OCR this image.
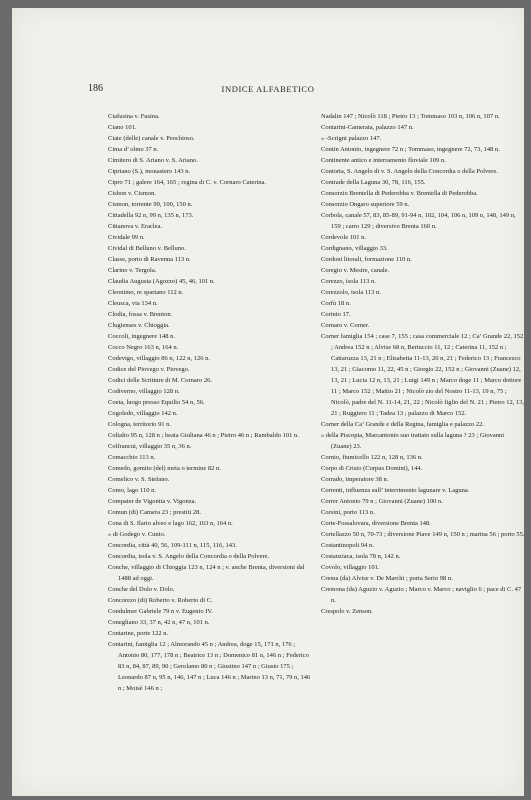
186	INDICE ALFABETICO

Ciafusina v. Fusina.

Ciano 101.

Ciate (delle) canale v. Peochioso.

Cima d’ olmo 37 n.

Cimitero di S. Ariano v. S. Ariano.

Cipriano (S.), monastero 143 n.

Cipro 71 ; galere 164, 165 ; regina di C. v. Cornaro Caterina.

Cisbon v. Cismon.

Cismon, torrente 99, 100, 150 n.

Cittadella 92 n, 99 n, 135 n, 173.

Cittanova v. Eraclea.

Cividale 99 n.

Cividal di Belluno v. Belluno.

Classe, porto di Ravenna 113 n.

Clarino v. Tergola.

Claudia Augusta (Agozzo) 45, 46, 101 n.

Cleonimo, re spartano 112 n.

Cleusca, via 134 n.

Clodia, fossa v. Brenton.

Clugienses v. Chioggia.

Coccoli, ingegnere 148 n.

Cocco Negro 163 n, 164 n.

Codevigo, villaggio 86 n, 122 n, 126 n.

Codice del Piovego v. Piovego.

Codici delle Scritture di M. Cornaro 26.

Codiverno, villaggio 128 n.

Coeta, luogo presso Equilio 54 n, 56.

Cogoledo, villaggio 142 n.

Cologna, territorio 91 n.

Coltalto 95 n, 128 n ; beata Giuliana 46 n ; Pietro 46 n ; Rambaldo 101 n.

Colfrancui, villaggio 35 n, 36 n.

Comacchio 113 n.

Comedo, gomito (del) meta o termine 82 n.

Comelico v. S. Stefano.

Como, lago 110 n.

Compater de Vigontia v. Vigonza.

Comun (di) Camera 23 ; prestiti 28.

Cona di S. Ilario alveo e lago 162, 163 n, 164 n.

» di Godego v. Cunio.

Concordia, città 40, 56, 109-111 n, 115, 116, 143.

Concordia, isola v. S. Angelo della Concordia o della Polvere.

Conche, villaggio di Chioggia 123 n, 124 n ; v. anche Brenta, diversioni dal 1488 ad oggi.

Conche del Dolo v. Dolo.

Concorezo (di) Roberto v. Roberto di C.

Condulmer Gabriele 79 n v. Eugenio IV.

Conegliano 33, 37 n, 42 n, 47 n, 101 n.

Contarine, porte 122 n.

Contarini, famiglia 12 ; Almorando 45 n ; Andrea, doge 15, 171 n, 176 ; Antonio 80, 177, 178 n ; Beatrice 13 n ; Domenico 81 n, 146 n ; Federico 83 n, 84, 87, 89, 90 ; Gerolamo 80 n ; Giustino 147 n ; Giusto 175 ; Leonardo 87 n, 95 n, 146, 147 n ; Luca 146 n ; Marino 13 n, 71, 79 n, 146 n ; Moisè 146 n ;

Nadalin 147 ; Nicolò 118 ; Pietro 13 ; Tommaso 103 n, 106 n, 107 n.

Contarini-Camerata, palazzo 147 n.

» -Scrigni palazzo 147.

Contin Antonio, ingegnere 72 n ; Tommaso, ingegnere 72, 73, 148 n.

Continente antico e interramento fluviale 109 n.

Contorta, S. Angelo di v. S. Angelo della Concordia o della Polvere.

Contrade della Laguna 30, 78, 116, 155.

Consorzio Brentella di Pederobba v. Brentella di Pederobba.

Consorzio Ongaro superiore 59 n.

Corbola, canale 57, 83, 85-89, 91-94 n, 102, 104, 106 n, 109 n, 148, 149 n, 159 ; carro 129 ; diversivo Brenta 160 n.

Cordevole 101 n.

Cordignano, villaggio 33.

Cordoni litorali, formazione 110 n.

Coregio v. Mestre, canale.

Corezzo, isola 113 n.

Corezzolo, isola 113 n.

Corfù 18 n.

Corinto 17.

Cornaro v. Corner.

Corner famiglia 154 ; case 7, 155 ; casa commerciale 12 ; Ca’ Grande 22, 152 ; Andrea 152 n ; Alvise 68 n, Bertuccio 11, 12 ; Caterina 11, 152 n ; Cattaruzza 13, 21 n ; Elisabetta 11-13, 20 n, 21 ; Federico 13 ; Francesco 13, 21 ; Giacomo 11, 22, 45 n ; Giorgio 22, 152 n ; Giovanni (Zuane) 12, 13, 21 ; Lucia 12 n, 13, 21 ; Luigi 149 n ; Marco doge 11 ; Marco dottore 11 ; Marco 152 ; Mattio 21 ; Nicolò zio del Nostro 11-13, 19 n, 75 ; Nicolò, padre del N. 11-14, 21, 22 ; Nicolò figlio del N. 21 ; Pietro 12, 13, 21 ; Ruggiero 11 ; Tadea 13 ; palazzo di Marco 152.

Corner della Ca’ Grande e della Regina, famiglia e palazzo 22.

» della Piscopia, Marcantonio suo trattato sulla laguna ? 23 ; Giovanni (Zuane) 23.

Cornio, fiumicello 122 n, 128 n, 136 n.

Corpo di Cristo (Corpus Domini), 144.

Corrado, imperatore 38 n.

Correnti, influenza sull’ interrimento lagunare v. Laguna.

Correr Antonio 79 n ; Giovanni (Zuane) 100 n.

Corsini, porto 113 n.

Corte-Fossalovara, diversione Brenta 148.

Cortellazzo 50 n, 70-73 ; diversione Piave 149 n, 150 n ; marina 56 ; porto 55.

Costantinopoli 94 n.

Costanziaca, isola 78 n, 142 n.

Covolo, villaggio 101.

Crema (da) Alvise v. De Marchi ; porta Serio 98 n.

Cremona (da) Aguzio v. Aguzio ; Marco v. Marco ; naviglio 6 ; pace di C. 47 n.

Crespolo v. Zenson.
